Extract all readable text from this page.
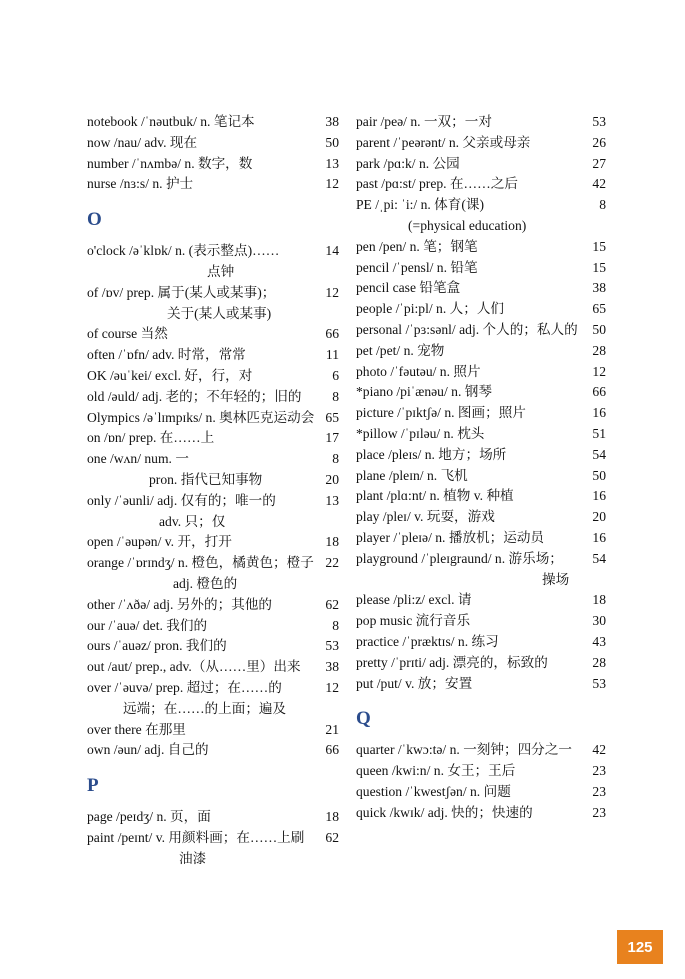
notebook /ˈnəutbuk/ n. 笔记本	38
now /nau/ adv. 现在	50
number /ˈnʌmbə/ n. 数字，数	13
nurse /nɜ:s/ n. 护士	12
O
o'clock /əˈklɒk/ n. (表示整点)……	14
点钟
of /ɒv/ prep. 属于(某人或某事)；	12
关于(某人或某事)
of course 当然	66
often /ˈɒfn/ adv. 时常，常常	11
OK /əuˈkei/ excl. 好，行，对	6
old /əuld/ adj. 老的；不年轻的；旧的	8
Olympics /əˈlɪmpɪks/ n. 奥林匹克运动会 65
on /ɒn/ prep. 在……上	17
one /wʌn/ num. 一	8
pron. 指代已知事物	20
only /ˈəunli/ adj. 仅有的；唯一的	13
adv. 只；仅
open /ˈəupən/ v. 开，打开	18
orange /ˈɒrɪndʒ/ n. 橙色，橘黄色；橙子 22
adj. 橙色的
other /ˈʌðə/ adj. 另外的；其他的	62
our /ˈauə/ det. 我们的	8
ours /ˈauəz/ pron. 我们的	53
out /aut/ prep., adv.（从……里）出来	38
over /ˈəuvə/ prep. 超过；在……的	12
远端；在……的上面；遍及
over there 在那里	21
own /əun/ adj. 自己的	66
P
page /peɪdʒ/ n. 页，面	18
paint /peɪnt/ v. 用颜料画；在……上刷	62
油漆
pair /peə/ n. 一双；一对	53
parent /ˈpeərənt/ n. 父亲或母亲	26
park /pɑ:k/ n. 公园	27
past /pɑ:st/ prep. 在……之后	42
PE /ˌpi: ˈi:/ n. 体育(课)	8
(=physical education)
pen /pen/ n. 笔；钢笔	15
pencil /ˈpensl/ n. 铅笔	15
pencil case 铅笔盒	38
people /ˈpi:pl/ n. 人；人们	65
personal /ˈpɜ:sənl/ adj. 个人的；私人的	50
pet /pet/ n. 宠物	28
photo /ˈfəutəu/ n. 照片	12
*piano /piˈænəu/ n. 钢琴	66
picture /ˈpɪktʃə/ n. 图画；照片	16
*pillow /ˈpɪləu/ n. 枕头	51
place /pleɪs/ n. 地方；场所	54
plane /pleɪn/ n. 飞机	50
plant /plɑ:nt/ n. 植物 v. 种植	16
play /pleɪ/ v. 玩耍，游戏	20
player /ˈpleɪə/ n. 播放机；运动员	16
playground /ˈpleɪgraund/ n. 游乐场；	54
操场
please /pli:z/ excl. 请	18
pop music 流行音乐	30
practice /ˈpræktɪs/ n. 练习	43
pretty /ˈprɪti/ adj. 漂亮的，标致的	28
put /put/ v. 放；安置	53
Q
quarter /ˈkwɔ:tə/ n. 一刻钟；四分之一	42
queen /kwi:n/ n. 女王；王后	23
question /ˈkwestʃən/ n. 问题	23
quick /kwɪk/ adj. 快的；快速的	23
125
